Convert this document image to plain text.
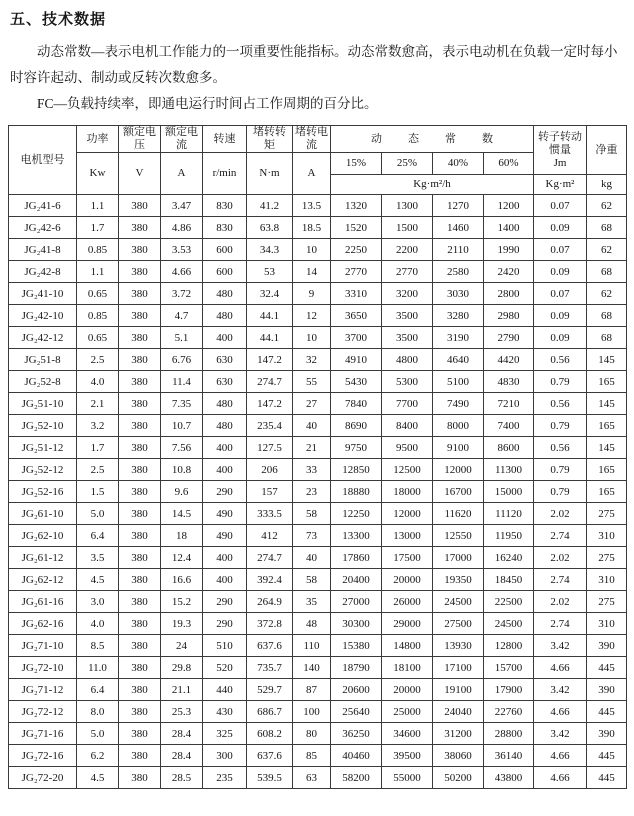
五、技术数据

动态常数—表示电机工作能力的一项重要性能指标。动态常数愈高，表示电动机在负载一定时每小时容许起动、制动或反转次数愈多。

FC—负载持续率，即通电运行时间占工作周期的百分比。

电机型号	功率	额定电压	额定电流	转速	堵转转矩	堵转电流	动态常数				转子转动惯量
Jm	净重
	Kw	V	A	r/min	N·m	A	15%	25%	40%	60%		
							Kg·m²/h				Kg·m²	kg
JG₂41-6	1.1	380	3.47	830	41.2	13.5	1320	1300	1270	1200	0.07	62
JG₂42-6	1.7	380	4.86	830	63.8	18.5	1520	1500	1460	1400	0.09	68
JG₂41-8	0.85	380	3.53	600	34.3	10	2250	2200	2110	1990	0.07	62
JG₂42-8	1.1	380	4.66	600	53	14	2770	2770	2580	2420	0.09	68
JG₂41-10	0.65	380	3.72	480	32.4	9	3310	3200	3030	2800	0.07	62
JG₂42-10	0.85	380	4.7	480	44.1	12	3650	3500	3280	2980	0.09	68
JG₂42-12	0.65	380	5.1	400	44.1	10	3700	3500	3190	2790	0.09	68
JG₂51-8	2.5	380	6.76	630	147.2	32	4910	4800	4640	4420	0.56	145
JG₂52-8	4.0	380	11.4	630	274.7	55	5430	5300	5100	4830	0.79	165
JG₂51-10	2.1	380	7.35	480	147.2	27	7840	7700	7490	7210	0.56	145
JG₂52-10	3.2	380	10.7	480	235.4	40	8690	8400	8000	7400	0.79	165
JG₂51-12	1.7	380	7.56	400	127.5	21	9750	9500	9100	8600	0.56	145
JG₂52-12	2.5	380	10.8	400	206	33	12850	12500	12000	11300	0.79	165
JG₂52-16	1.5	380	9.6	290	157	23	18880	18000	16700	15000	0.79	165
JG₂61-10	5.0	380	14.5	490	333.5	58	12250	12000	11620	11120	2.02	275
JG₂62-10	6.4	380	18	490	412	73	13300	13000	12550	11950	2.74	310
JG₂61-12	3.5	380	12.4	400	274.7	40	17860	17500	17000	16240	2.02	275
JG₂62-12	4.5	380	16.6	400	392.4	58	20400	20000	19350	18450	2.74	310
JG₂61-16	3.0	380	15.2	290	264.9	35	27000	26000	24500	22500	2.02	275
JG₂62-16	4.0	380	19.3	290	372.8	48	30300	29000	27500	24500	2.74	310
JG₂71-10	8.5	380	24	510	637.6	110	15380	14800	13930	12800	3.42	390
JG₂72-10	11.0	380	29.8	520	735.7	140	18790	18100	17100	15700	4.66	445
JG₂71-12	6.4	380	21.1	440	529.7	87	20600	20000	19100	17900	3.42	390
JG₂72-12	8.0	380	25.3	430	686.7	100	25640	25000	24040	22760	4.66	445
JG₂71-16	5.0	380	28.4	325	608.2	80	36250	34600	31200	28800	3.42	390
JG₂72-16	6.2	380	28.4	300	637.6	85	40460	39500	38060	36140	4.66	445
JG₂72-20	4.5	380	28.5	235	539.5	63	58200	55000	50200	43800	4.66	445
